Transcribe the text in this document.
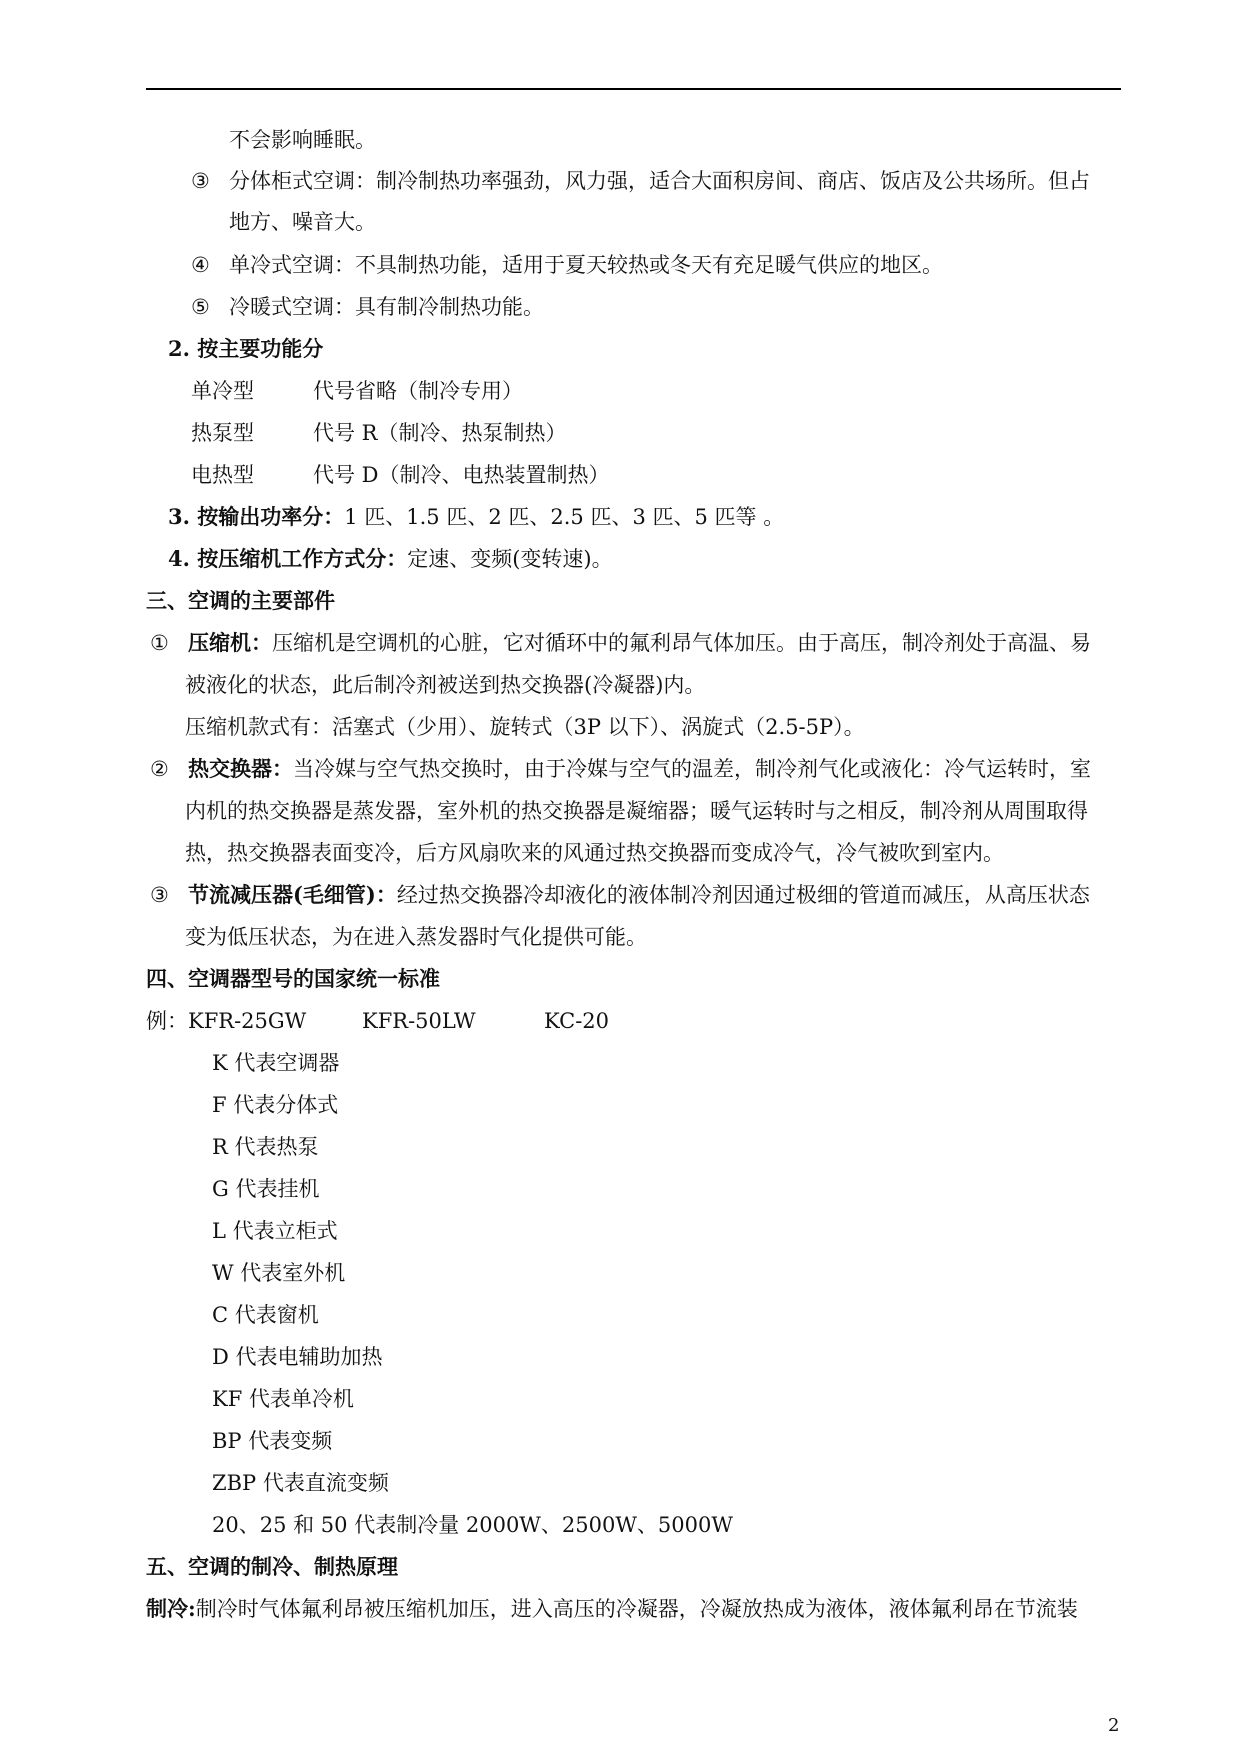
不会影响睡眠。
③ 分体柜式空调：制冷制热功率强劲，风力强，适合大面积房间、商店、饭店及公共场所。但占
地方、噪音大。
④ 单冷式空调：不具制热功能，适用于夏天较热或冬天有充足暖气供应的地区。
⑤ 冷暖式空调：具有制冷制热功能。
2. 按主要功能分
单冷型	代号省略（制冷专用）
热泵型	代号 R（制冷、热泵制热）
电热型	代号 D（制冷、电热装置制热）
3. 按输出功率分：1 匹、1.5 匹、2 匹、2.5 匹、3 匹、5 匹等 。
4. 按压缩机工作方式分：定速、变频(变转速)。
三、空调的主要部件
① 压缩机：压缩机是空调机的心脏，它对循环中的氟利昂气体加压。由于高压，制冷剂处于高温、易
被液化的状态，此后制冷剂被送到热交换器(冷凝器)内。
压缩机款式有：活塞式（少用）、旋转式（3P 以下）、涡旋式（2.5-5P）。
② 热交换器：当冷媒与空气热交换时，由于冷媒与空气的温差，制冷剂气化或液化：冷气运转时，室
内机的热交换器是蒸发器，室外机的热交换器是凝缩器；暖气运转时与之相反，制冷剂从周围取得
热，热交换器表面变冷，后方风扇吹来的风通过热交换器而变成冷气，冷气被吹到室内。
③ 节流减压器(毛细管)：经过热交换器冷却液化的液体制冷剂因通过极细的管道而减压，从高压状态
变为低压状态，为在进入蒸发器时气化提供可能。
四、空调器型号的国家统一标准
例：KFR-25GW	KFR-50LW	KC-20
K 代表空调器
F 代表分体式
R 代表热泵
G 代表挂机
L 代表立柜式
W 代表室外机
C 代表窗机
D 代表电辅助加热
KF 代表单冷机
BP 代表变频
ZBP 代表直流变频
20、25 和 50 代表制冷量 2000W、2500W、5000W
五、空调的制冷、制热原理
制冷:制冷时气体氟利昂被压缩机加压，进入高压的冷凝器，冷凝放热成为液体，液体氟利昂在节流装
2
